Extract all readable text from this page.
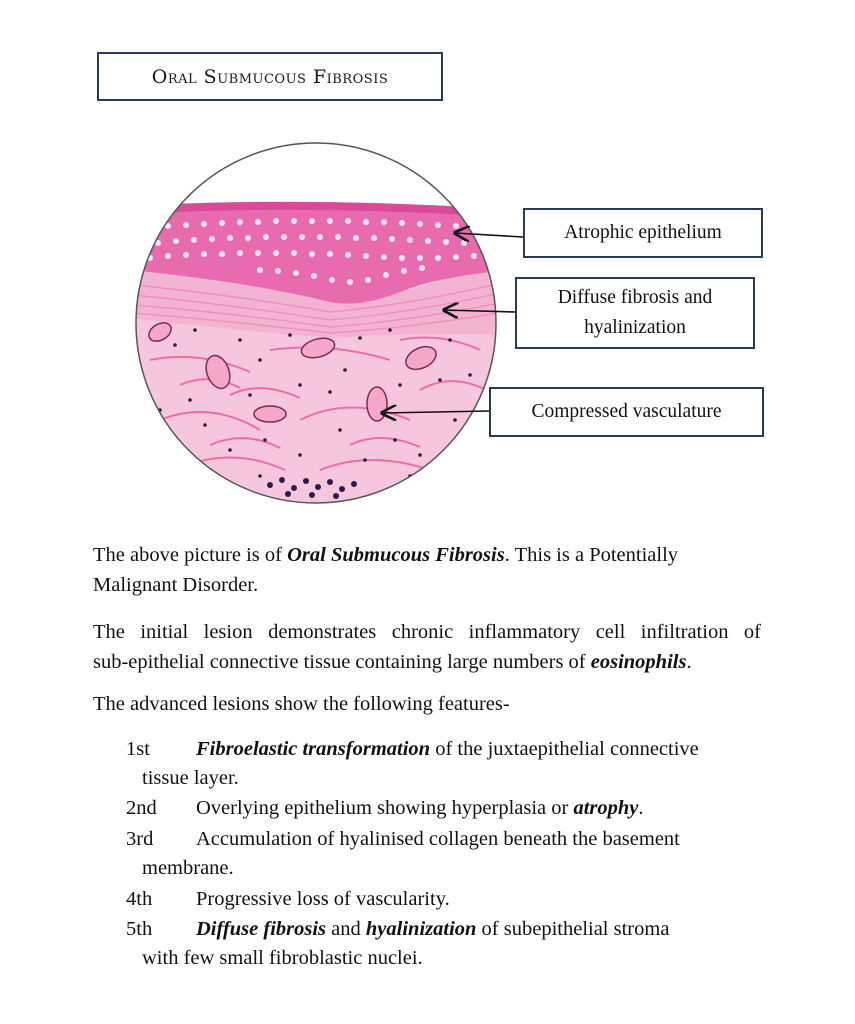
Oral Submucous Fibrosis
Atrophic epithelium
Diffuse fibrosis and
hyalinization
Compressed vasculature
The above picture is of Oral Submucous Fibrosis. This is a Potentially
Malignant Disorder.
The initial lesion demonstrates chronic inflammatory cell infiltration of
sub-epithelial connective tissue containing large numbers of eosinophils.
The advanced lesions show the following features-
1st Fibroelastic transformation of the juxtaepithelial connective
tissue layer.
2nd Overlying epithelium showing hyperplasia or atrophy.
3rd Accumulation of hyalinised collagen beneath the basement
membrane.
4th Progressive loss of vascularity.
5th Diffuse fibrosis and hyalinization of subepithelial stroma
with few small fibroblastic nuclei.
